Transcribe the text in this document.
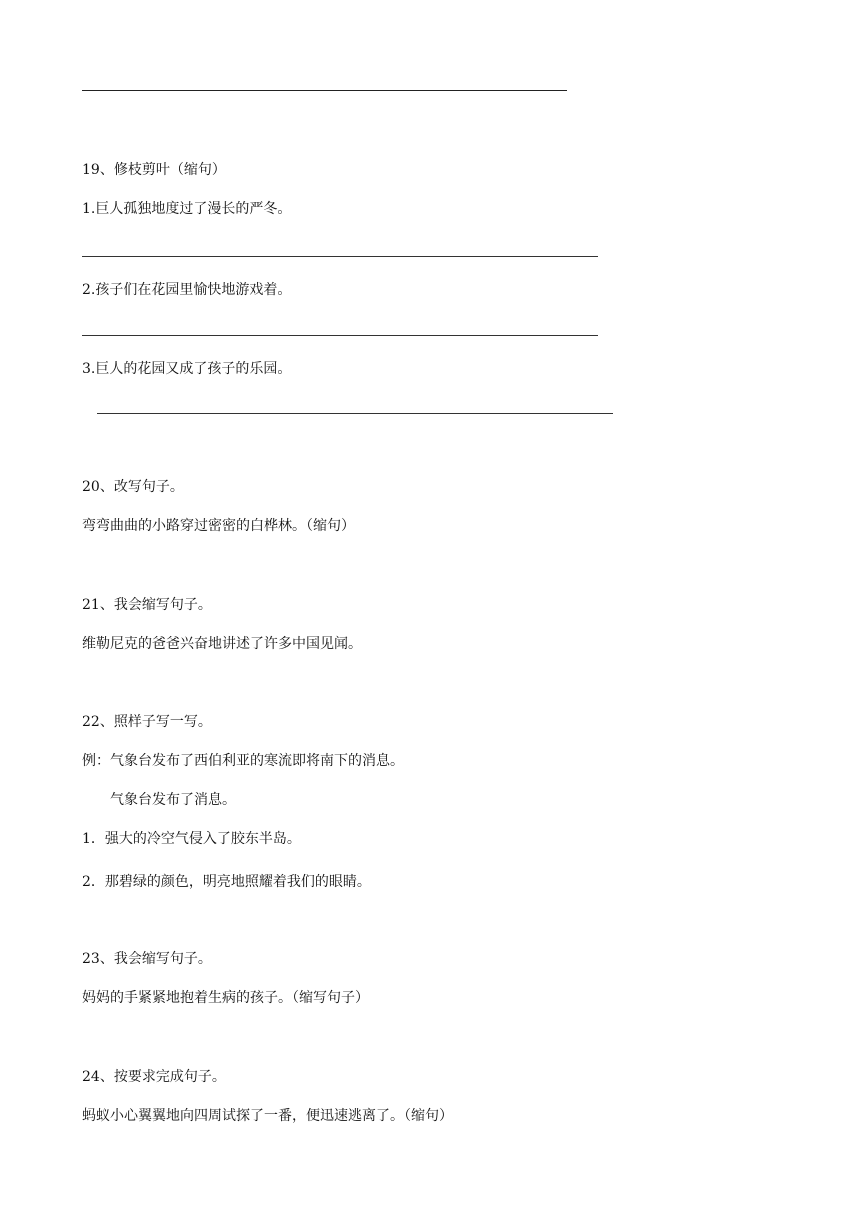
19、修枝剪叶（缩句）
1.巨人孤独地度过了漫长的严冬。
2.孩子们在花园里愉快地游戏着。
3.巨人的花园又成了孩子的乐园。
20、改写句子。
弯弯曲曲的小路穿过密密的白桦林。（缩句）
21、我会缩写句子。
维勒尼克的爸爸兴奋地讲述了许多中国见闻。
22、照样子写一写。
例：气象台发布了西伯利亚的寒流即将南下的消息。
气象台发布了消息。
1．强大的冷空气侵入了胶东半岛。
2．那碧绿的颜色，明亮地照耀着我们的眼睛。
23、我会缩写句子。
妈妈的手紧紧地抱着生病的孩子。（缩写句子）
24、按要求完成句子。
蚂蚁小心翼翼地向四周试探了一番，便迅速逃离了。（缩句）
